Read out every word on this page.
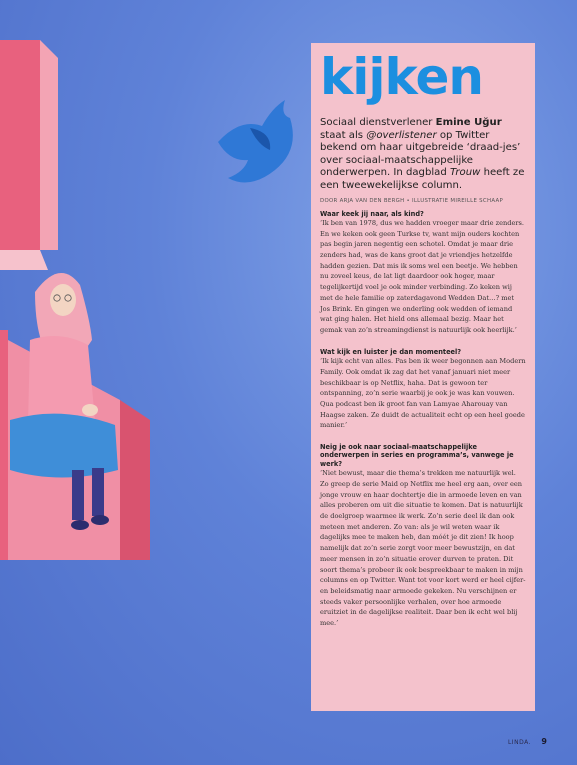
kijken

Sociaal dienstverlener Emine Uğur staat als @overlistener op Twitter bekend om haar uitgebreide ‘draad-jes’ over sociaal-maatschappelijke onderwerpen. In dagblad Trouw heeft ze een tweewekelijkse column.

DOOR ARJA VAN DEN BERGH • ILLUSTRATIE MIREILLE SCHAAP

Waar keek jij naar, als kind?

‘Ik ben van 1978, dus we hadden vroeger maar drie zenders. En we keken ook geen Turkse tv, want mijn ouders kochten pas begin jaren negentig een schotel. Omdat je maar drie zenders had, was de kans groot dat je vriendjes hetzelfde hadden gezien. Dat mis ik soms wel een beetje. We hebben nu zoveel keus, de lat ligt daardoor ook hoger, maar tegelijkertijd voel je ook minder verbinding. Zo keken wij met de hele familie op zaterdagavond Wedden Dat…? met Jos Brink. En gingen we onderling ook wedden of iemand wat ging halen. Het hield ons allemaal bezig. Maar het gemak van zo’n streamingdienst is natuurlijk ook heerlijk.’

Wat kijk en luister je dan momenteel?

‘Ik kijk echt van alles. Pas ben ik weer begonnen aan Modern Family. Ook omdat ik zag dat het vanaf januari niet meer beschikbaar is op Netflix, haha. Dat is gewoon ter ontspanning, zo’n serie waarbij je ook je was kan vouwen. Qua podcast ben ik groot fan van Lamyae Aharouay van Haagse zaken. Ze duidt de actualiteit echt op een heel goede manier.’

Neig je ook naar sociaal-maatschappelijke onderwerpen in series en programma’s, vanwege je werk?

‘Niet bewust, maar die thema’s trekken me natuurlijk wel. Zo greep de serie Maid op Netflix me heel erg aan, over een jonge vrouw en haar dochtertje die in armoede leven en van alles proberen om uit die situatie te komen. Dat is natuurlijk de doelgroep waarmee ik werk. Zo’n serie deel ik dan ook meteen met anderen. Zo van: als je wil weten waar ik dagelijks mee te maken heb, dan móét je dit zien! Ik hoop namelijk dat zo’n serie zorgt voor meer bewustzijn, en dat meer mensen in zo’n situatie erover durven te praten. Dit soort thema’s probeer ik ook bespreekbaar te maken in mijn columns en op Twitter. Want tot voor kort werd er heel cijfer- en beleidsmatig naar armoede gekeken. Nu verschijnen er steeds vaker persoonlijke verhalen, over hoe armoede eruitziet in de dagelijkse realiteit. Daar ben ik echt wel blij mee.’

LINDA. 9
